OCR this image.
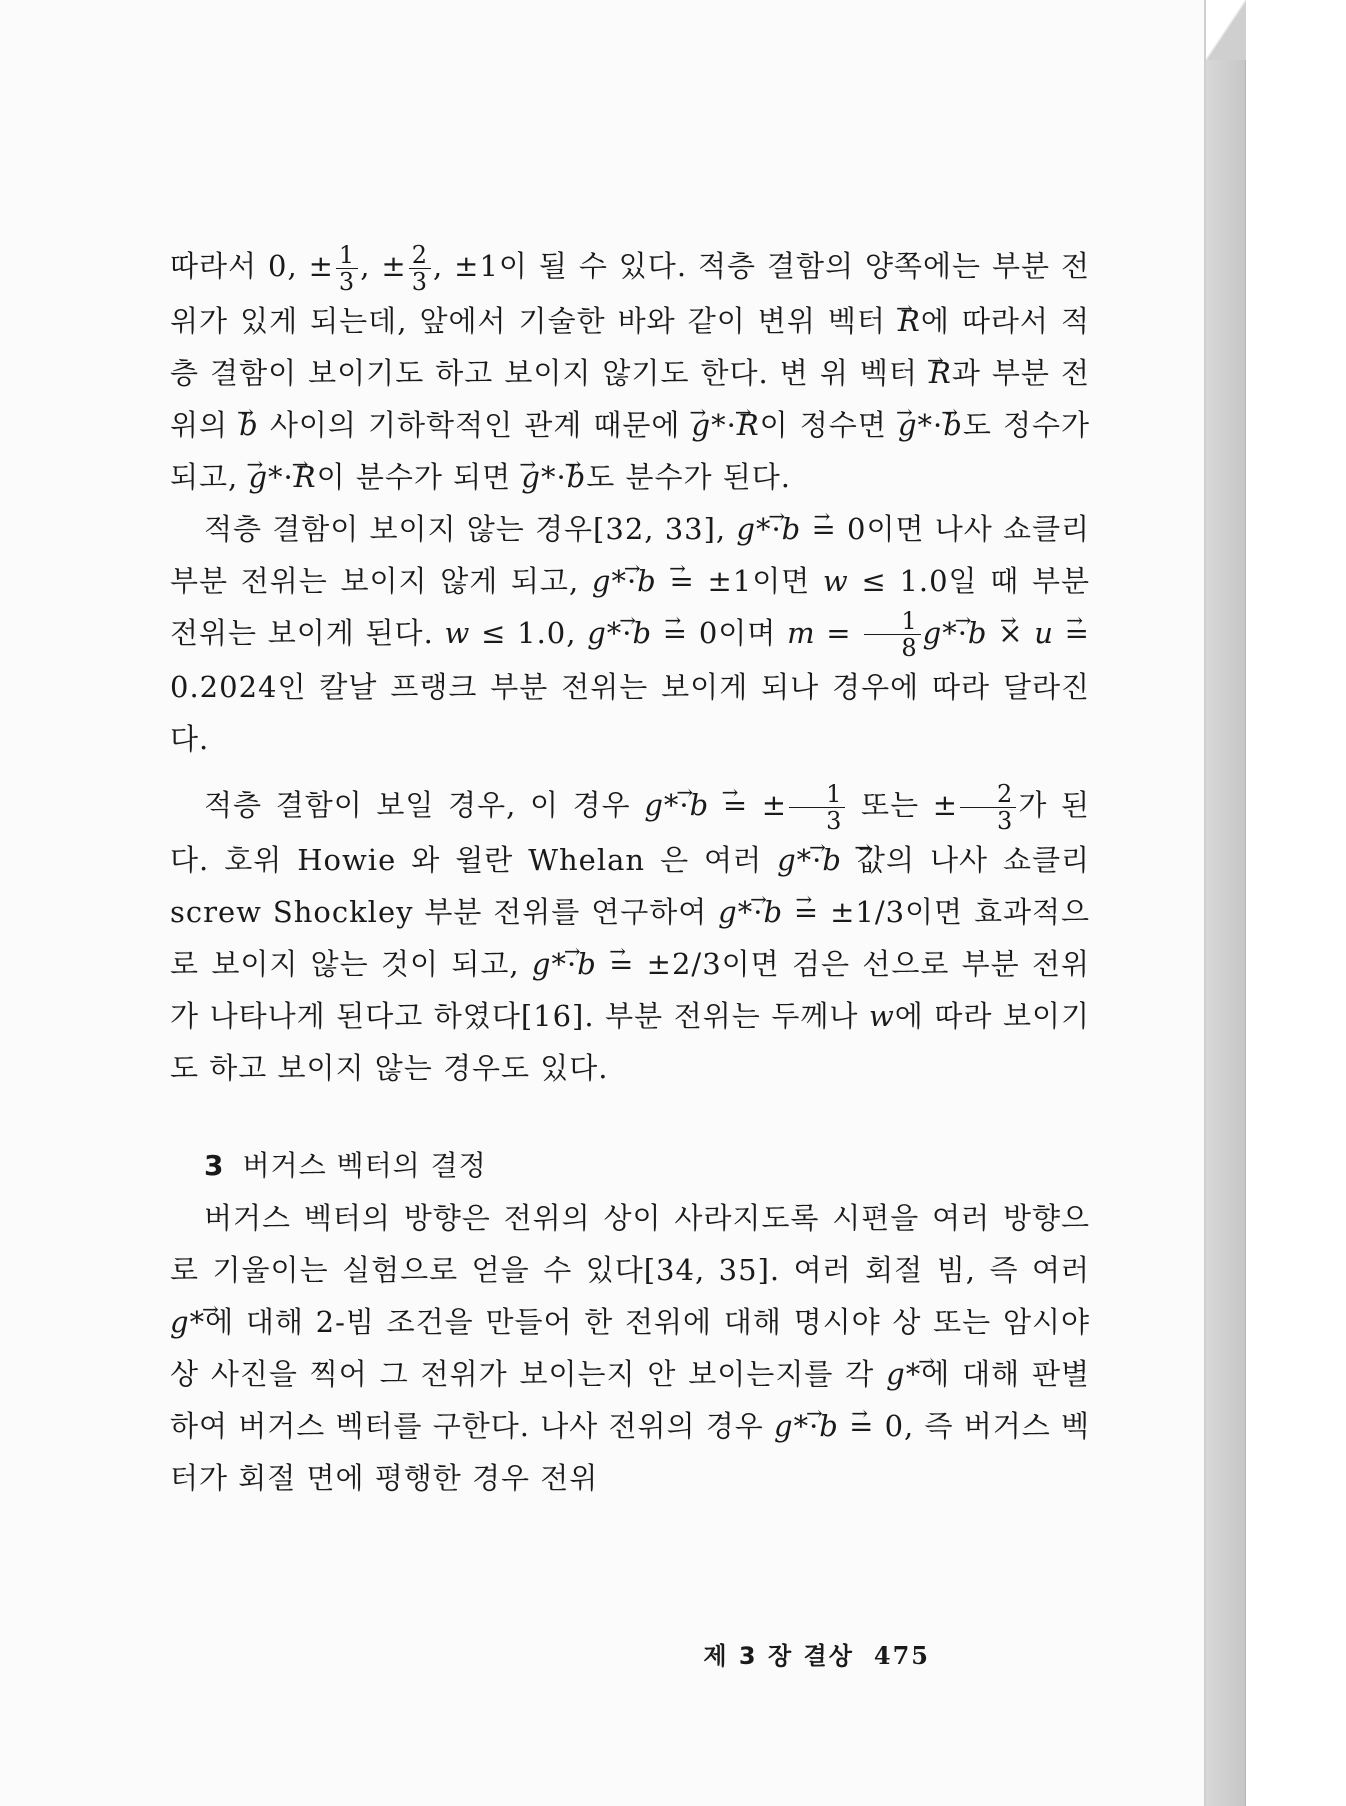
따라서 0, ± $\frac{1}{3}$ , ± $\frac{2}{3}$ , ±1이 될 수 있다. 적층 결함의 양쪽에는 부분 전위가 있게 되는데, 앞에서 기술한 바와 같이 변위 벡터 → R에 따라서 적층 결함이 보이기도 하고 보이지 않기도 한다. 변 위 벡터 → R과 부분 전위의 → b 사이의 기하학적인 관계 때문에 → g*·→ R이 정수면 → g*·→ b도 정수가 되고, → g*·→ R이 분수가 되면 → g*·→ b도 분수가 된다.

적층 결함이 보이지 않는 경우[32, 33], → g*·→ b = 0이면 나사 쇼클리 부분 전위는 보이지 않게 되고, → g*·→ b = ±1이면 w ≤ 1.0일 때 부분 전위는 보이게 된다. w ≤ 1.0, → g*·→ b = 0이며 $m = \frac{1}{8}$
→ g*·→ b × → u = 0.2024인 칼날 프랭크 부분 전위는 보이게 되나 경우에 따라 달라진다.

적층 결함이 보일 경우, 이 경우 → g*·→ b = ± $\frac{1}{3}$ 또는 ± $\frac{2}{3}$ 가 된다. 호위 Howie 와 윌란 Whelan 은 여러 → g*·→ b 값의 나사 쇼클리 screw Shockley 부분 전위를 연구하여 → g*·→ b = ±1/3이면 효과적으로 보이지 않는 것이 되고, → g*·→ b = ±2/3이면 검은 선으로 부분 전위가 나타나게 된다고 하였다[16]. 부분 전위는 두께나 w에 따라 보이기도 하고 보이지 않는 경우도 있다.

3 버거스 벡터의 결정

버거스 벡터의 방향은 전위의 상이 사라지도록 시편을 여러 방향으로 기울이는 실험으로 얻을 수 있다[34, 35]. 여러 회절 빔, 즉 여러 → g*에 대해 2-빔 조건을 만들어 한 전위에 대해 명시야 상 또는 암시야 상 사진을 찍어 그 전위가 보이는지 안 보이는지를 각 → g*에 대해 판별하여 버거스 벡터를 구한다. 나사 전위의 경우 → g*·→ b = 0, 즉 버거스 벡터가 회절 면에 평행한 경우 전위

제 3 장 결상 475
